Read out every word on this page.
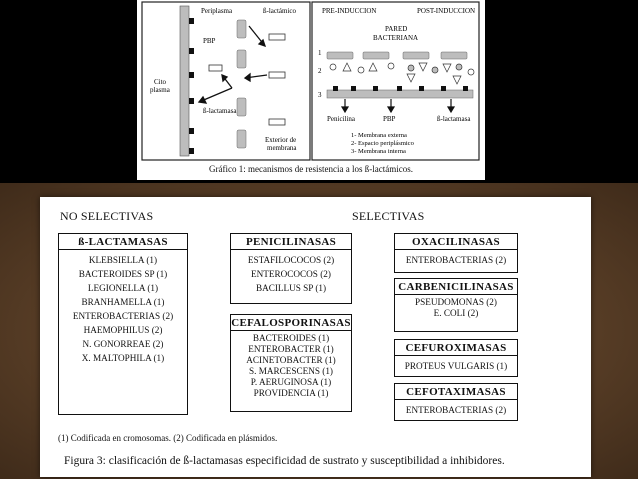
Periplasma	ß-lactámico
PBP
Cito
plasma
ß-lactamasa
Exterior de
membrana
PRE-INDUCCION	POST-INDUCCION
PARED
BACTERIANA
1
2
3
Penicilina	PBP	ß-lactamasa
1- Membrana externa
2- Espacio periplásmico
3- Membrana interna
Gráfico 1: mecanismos de resistencia a los ß-lactámicos.
NO SELECTIVAS	SELECTIVAS
ß-LACTAMASAS
KLEBSIELLA (1)
BACTEROIDES SP (1)
LEGIONELLA (1)
BRANHAMELLA (1)
ENTEROBACTERIAS (2)
HAEMOPHILUS (2)
N. GONORREAE (2)
X. MALTOPHILA (1)
PENICILINASAS
ESTAFILOCOCOS (2)
ENTEROCOCOS (2)
BACILLUS SP (1)
CEFALOSPORINASAS
BACTEROIDES (1)
ENTEROBACTER (1)
ACINETOBACTER (1)
S. MARCESCENS (1)
P. AERUGINOSA (1)
PROVIDENCIA (1)
OXACILINASAS
ENTEROBACTERIAS (2)
CARBENICILINASAS
PSEUDOMONAS (2)
E. COLI (2)
CEFUROXIMASAS
PROTEUS VULGARIS (1)
CEFOTAXIMASAS
ENTEROBACTERIAS (2)
(1) Codificada en cromosomas. (2) Codificada en plásmidos.
Figura 3: clasificación de ß-lactamasas especificidad de sustrato y susceptibilidad a inhibidores.
